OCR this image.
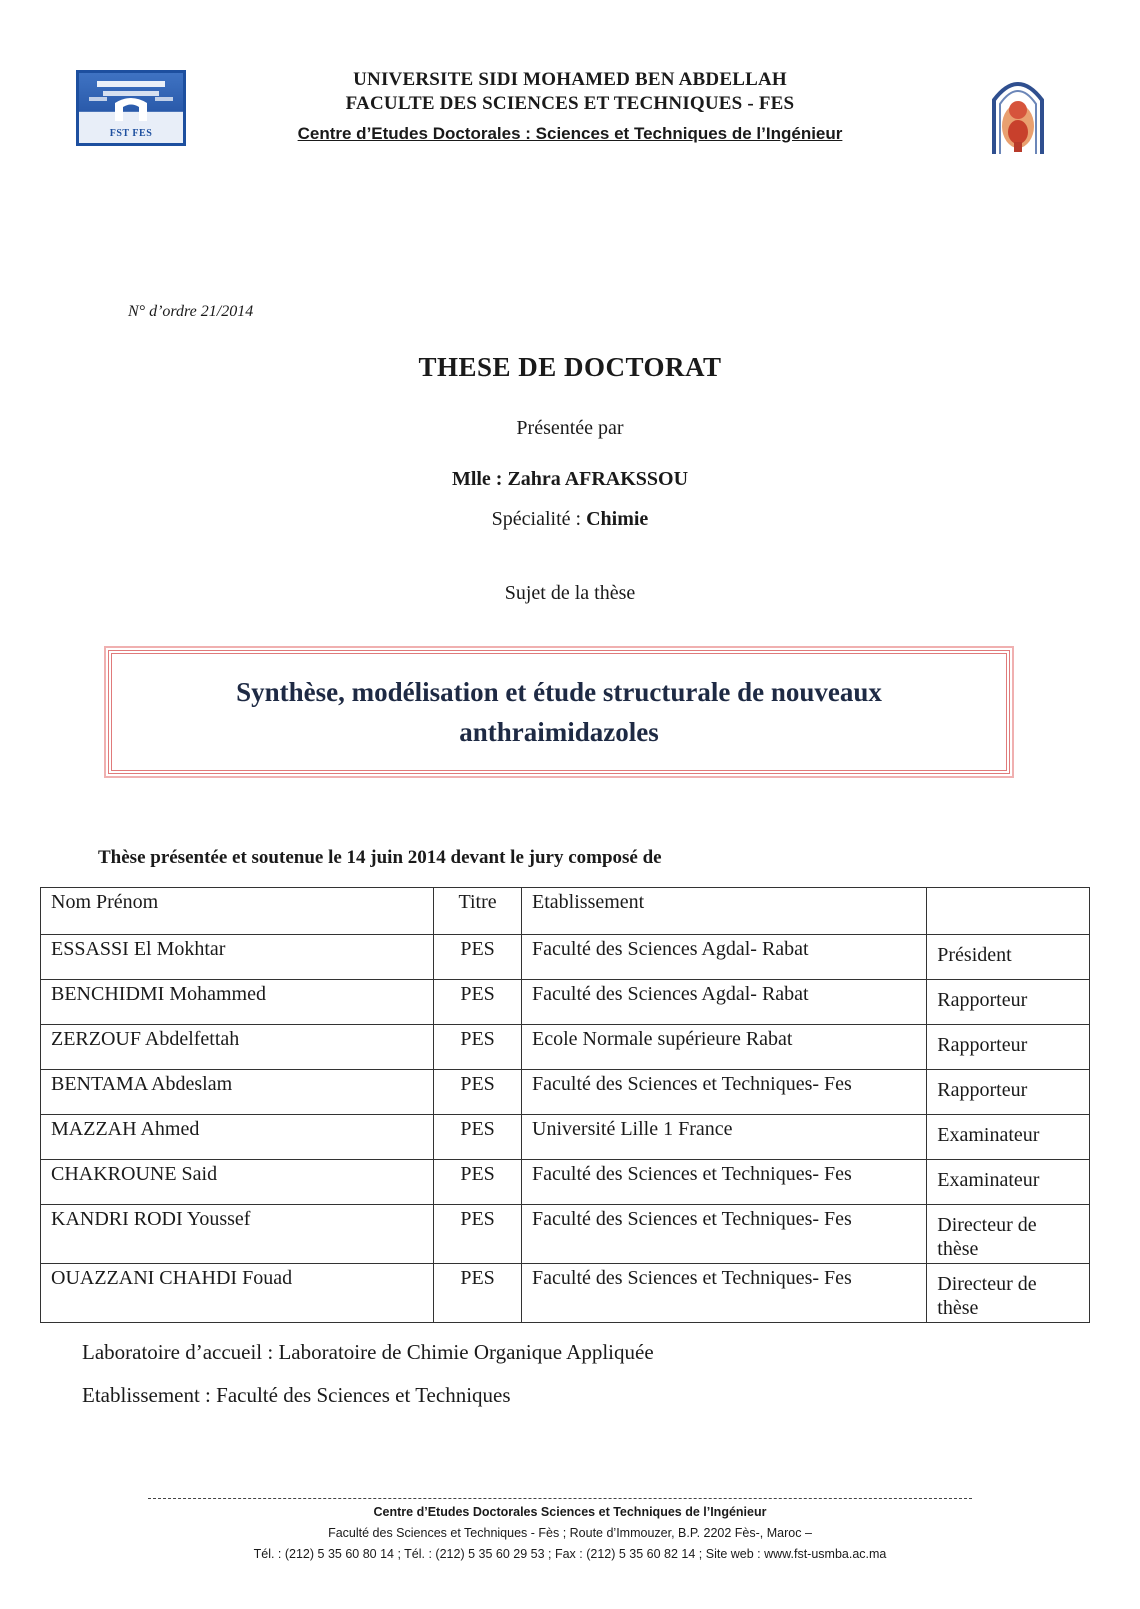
FST FES
UNIVERSITE SIDI MOHAMED BEN ABDELLAH
FACULTE DES SCIENCES ET TECHNIQUES - FES
Centre d’Etudes Doctorales : Sciences et Techniques de l’Ingénieur
N° d’ordre 21/2014
THESE DE DOCTORAT
Présentée par
Mlle : Zahra AFRAKSSOU
Spécialité : Chimie
Sujet de la thèse
Synthèse, modélisation et étude structurale de nouveaux anthraimidazoles
Thèse présentée et soutenue le 14 juin 2014 devant le jury composé de
Nom Prénom	Titre	Etablissement	
ESSASSI El Mokhtar	PES	Faculté des Sciences Agdal- Rabat	Président
BENCHIDMI Mohammed	PES	Faculté des Sciences Agdal- Rabat	Rapporteur
ZERZOUF Abdelfettah	PES	Ecole Normale supérieure Rabat	Rapporteur
BENTAMA Abdeslam	PES	Faculté des Sciences et Techniques- Fes	Rapporteur
MAZZAH Ahmed	PES	Université Lille 1 France	Examinateur
CHAKROUNE Said	PES	Faculté des Sciences et Techniques- Fes	Examinateur
KANDRI RODI Youssef	PES	Faculté des Sciences et Techniques- Fes	Directeur de thèse
OUAZZANI CHAHDI Fouad	PES	Faculté des Sciences et Techniques- Fes	Directeur de thèse
Laboratoire d’accueil : Laboratoire de Chimie Organique Appliquée
Etablissement : Faculté des Sciences et Techniques
Centre d’Etudes Doctorales Sciences et Techniques de l’Ingénieur
Faculté des Sciences et Techniques - Fès ; Route d’Immouzer, B.P. 2202 Fès-, Maroc –
Tél. : (212) 5 35 60 80 14 ; Tél. : (212) 5 35 60 29 53 ; Fax : (212) 5 35 60 82 14 ; Site web : www.fst-usmba.ac.ma
